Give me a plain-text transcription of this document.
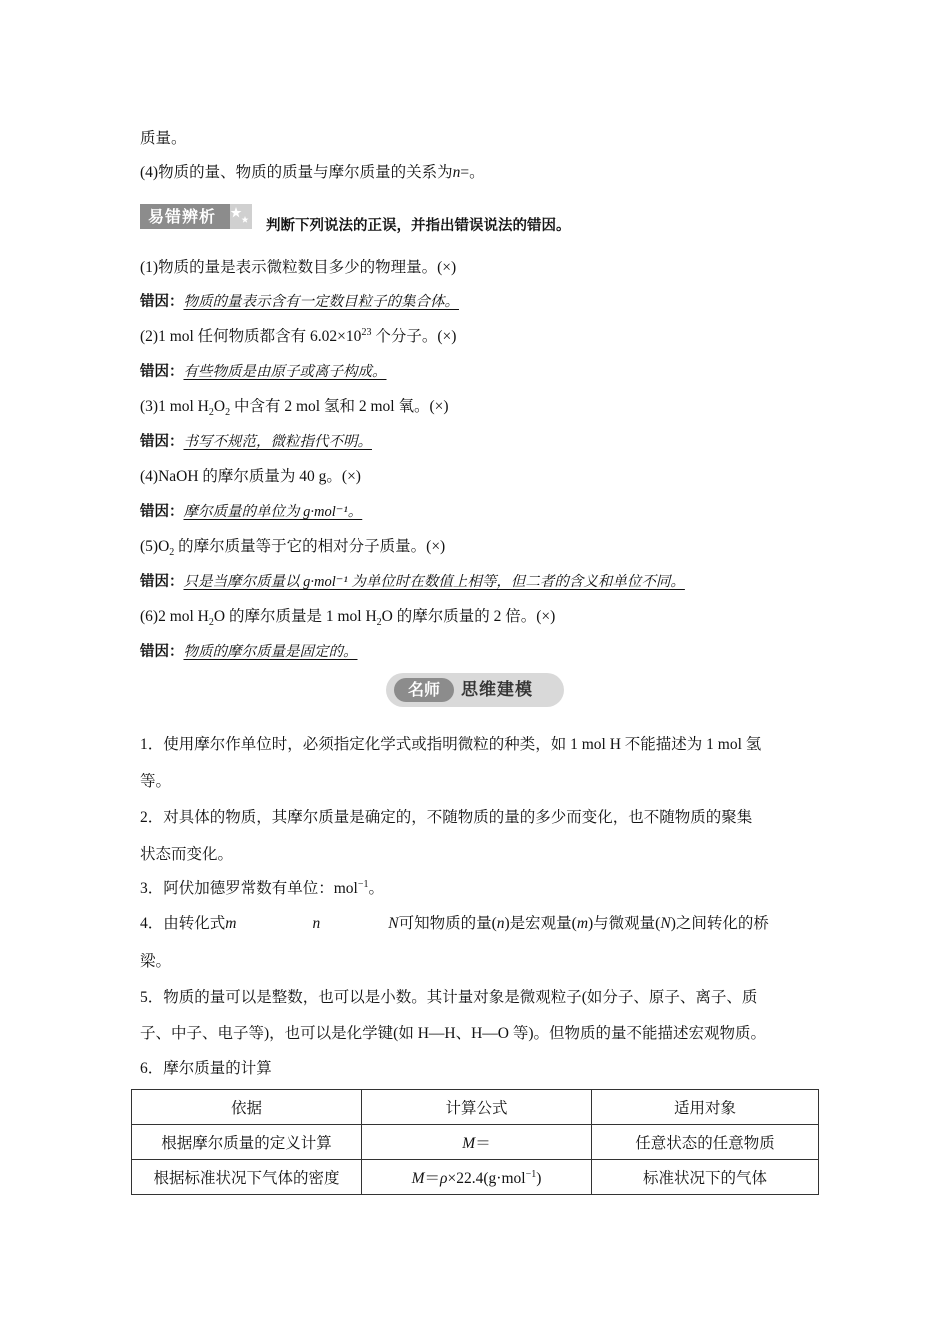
质量。
(4)物质的量、物质的质量与摩尔质量的关系为n=。
易错辨析	判断下列说法的正误，并指出错误说法的错因。
(1)物质的量是表示微粒数目多少的物理量。(×)
错因：物质的量表示含有一定数目粒子的集合体。
(2)1 mol 任何物质都含有 $6.02\times 10^{23}$ 个分子。(×)
错因：有些物质是由原子或离子构成。
(3)1 mol $H_2O_2$ 中含有 2 mol 氢和 2 mol 氧。(×)
错因：书写不规范，微粒指代不明。
(4)NaOH 的摩尔质量为 40 g。(×)
错因：摩尔质量的单位为 g·mol⁻¹。
$(5)O_2$ 的摩尔质量等于它的相对分子质量。(×)
错因：只是当摩尔质量以 g·mol⁻¹ 为单位时在数值上相等，但二者的含义和单位不同。
(6)2 mol $H_2O$ 的摩尔质量是 1 mol $H_2O$ 的摩尔质量的 2 倍。(×)
错因：物质的摩尔质量是固定的。
名师	思维建模
1．使用摩尔作单位时，必须指定化学式或指明微粒的种类，如 1 mol H 不能描述为 1 mol 氢
等。
2．对具体的物质，其摩尔质量是确定的，不随物质的量的多少而变化，也不随物质的聚集
状态而变化。
3．阿伏加德罗常数有单位：mol$^{-1}$。
4．由转化式m	n	N可知物质的量(n)是宏观量(m)与微观量(N)之间转化的桥
梁。
5．物质的量可以是整数，也可以是小数。其计量对象是微观粒子(如分子、原子、离子、质
子、中子、电子等)，也可以是化学键(如 H—H、H—O 等)。但物质的量不能描述宏观物质。
6．摩尔质量的计算
依据	计算公式	适用对象
根据摩尔质量的定义计算	M＝	任意状态的任意物质
根据标准状况下气体的密度	M＝ρ×22.4(g·mol$^{-1}$)	标准状况下的气体
